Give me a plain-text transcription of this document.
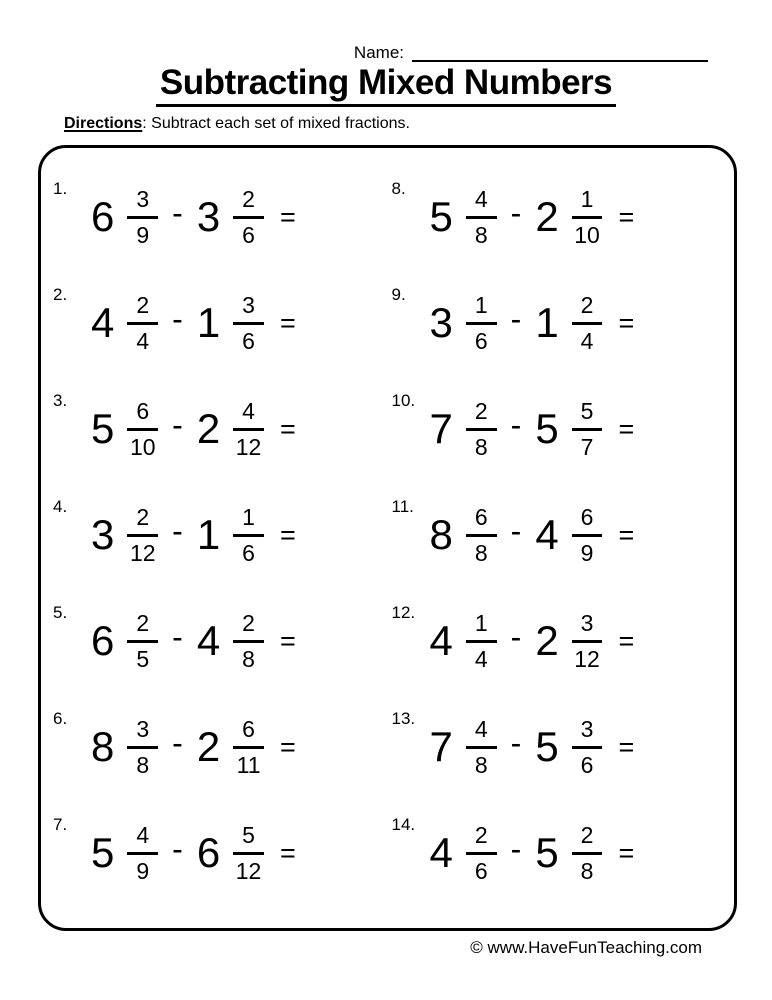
Name:
Subtracting Mixed Numbers
Directions: Subtract each set of mixed fractions.
1.
$6 \frac{3}{9} - 3 \frac{2}{6}$ =
2.
$4 \frac{2}{4} - 1 \frac{3}{6}$ =
3.
$5 \frac{6}{10} - 2 \frac{4}{12}$ =
4.
$3 \frac{2}{12} - 1 \frac{1}{6}$ =
5.
$6 \frac{2}{5} - 4 \frac{2}{8}$ =
6.
$8 \frac{3}{8} - 2 \frac{6}{11}$ =
7.
$5 \frac{4}{9} - 6 \frac{5}{12}$ =
8.
$5 \frac{4}{8} - 2 \frac{1}{10}$ =
9.
$3 \frac{1}{6} - 1 \frac{2}{4}$ =
10.
$7 \frac{2}{8} - 5 \frac{5}{7}$ =
11.
$8 \frac{6}{8} - 4 \frac{6}{9}$ =
12.
$4 \frac{1}{4} - 2 \frac{3}{12}$ =
13.
$7 \frac{4}{8} - 5 \frac{3}{6}$ =
14.
$4 \frac{2}{6} - 5 \frac{2}{8}$ =
© www.HaveFunTeaching.com
